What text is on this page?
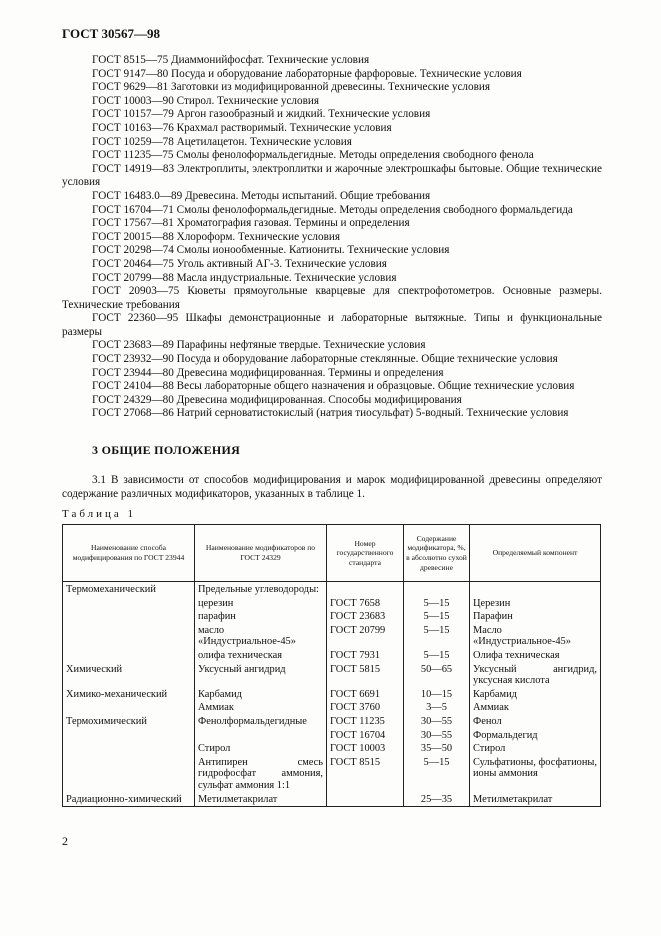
ГОСТ 30567—98
ГОСТ 8515—75 Диаммонийфосфат. Технические условия
ГОСТ 9147—80 Посуда и оборудование лабораторные фарфоровые. Технические условия
ГОСТ 9629—81 Заготовки из модифицированной древесины. Технические условия
ГОСТ 10003—90 Стирол. Технические условия
ГОСТ 10157—79 Аргон газообразный и жидкий. Технические условия
ГОСТ 10163—76 Крахмал растворимый. Технические условия
ГОСТ 10259—78 Ацетилацетон. Технические условия
ГОСТ 11235—75 Смолы фенолоформальдегидные. Методы определения свободного фенола
ГОСТ 14919—83 Электроплиты, электроплитки и жарочные электрошкафы бытовые. Общие технические условия
ГОСТ 16483.0—89 Древесина. Методы испытаний. Общие требования
ГОСТ 16704—71 Смолы фенолоформальдегидные. Методы определения свободного формальдегида
ГОСТ 17567—81 Хроматография газовая. Термины и определения
ГОСТ 20015—88 Хлороформ. Технические условия
ГОСТ 20298—74 Смолы ионообменные. Катиониты. Технические условия
ГОСТ 20464—75 Уголь активный АГ-3. Технические условия
ГОСТ 20799—88 Масла индустриальные. Технические условия
ГОСТ 20903—75 Кюветы прямоугольные кварцевые для спектрофотометров. Основные размеры. Технические требования
ГОСТ 22360—95 Шкафы демонстрационные и лабораторные вытяжные. Типы и функциональные размеры
ГОСТ 23683—89 Парафины нефтяные твердые. Технические условия
ГОСТ 23932—90 Посуда и оборудование лабораторные стеклянные. Общие технические условия
ГОСТ 23944—80 Древесина модифицированная. Термины и определения
ГОСТ 24104—88 Весы лабораторные общего назначения и образцовые. Общие технические условия
ГОСТ 24329—80 Древесина модифицированная. Способы модифицирования
ГОСТ 27068—86 Натрий серноватистокислый (натрия тиосульфат) 5-водный. Технические условия
3 ОБЩИЕ ПОЛОЖЕНИЯ
3.1 В зависимости от способов модифицирования и марок модифицированной древесины определяют содержание различных модификаторов, указанных в таблице 1.
Таблица 1
Наименование способа модифицирования по ГОСТ 23944	Наименование модификаторов по ГОСТ 24329	Номер государственного стандарта	Содержание модификатора, %, в абсолютно сухой древесине	Определяемый компонент
Термомеханический	Предельные углеводороды:			
	церезин	ГОСТ 7658	5—15	Церезин
	парафин	ГОСТ 23683	5—15	Парафин
	масло «Индустриальное-45»	ГОСТ 20799	5—15	Масло «Индустриальное-45»
	олифа техническая	ГОСТ 7931	5—15	Олифа техническая
Химический	Уксусный ангидрид	ГОСТ 5815	50—65	Уксусный ангидрид, уксусная кислота
Химико-механический	Карбамид	ГОСТ 6691	10—15	Карбамид
	Аммиак	ГОСТ 3760	3—5	Аммиак
Термохимический	Фенолформальдегидные	ГОСТ 11235	30—55	Фенол
		ГОСТ 16704	30—55	Формальдегид
	Стирол	ГОСТ 10003	35—50	Стирол
	Антипирен смесь гидрофосфат аммония, сульфат аммония 1:1	ГОСТ 8515	5—15	Сульфатионы, фосфатионы, ионы аммония
Радиационно-химический	Метилметакрилат		25—35	Метилметакрилат
2
